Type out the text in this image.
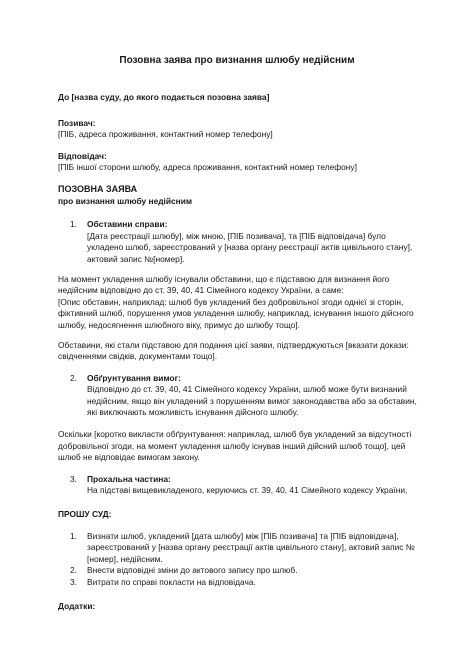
Позовна заява про визнання шлюбу недійсним

До [назва суду, до якого подається позовна заява]

Позивач:

[ПІБ, адреса проживання, контактний номер телефону]

Відповідач:

[ПІБ іншої сторони шлюбу, адреса проживання, контактний номер телефону]

ПОЗОВНА ЗАЯВА

про визнання шлюбу недійсним

1.	Обставини справи:
[Дата реєстрації шлюбу], між мною, [ПІБ позивача], та [ПІБ відповідача] було укладено шлюб, зареєстрований у [назва органу реєстрації актів цивільного стану], актовий запис №[номер].

На момент укладення шлюбу існували обставини, що є підставою для визнання його недійсним відповідно до ст. 39, 40, 41 Сімейного кодексу України, а саме:

[Опис обставин, наприклад: шлюб був укладений без добровільної згоди однієї зі сторін, фіктивний шлюб, порушення умов укладення шлюбу, наприклад, існування іншого дійсного шлюбу, недосягнення шлюбного віку, примус до шлюбу тощо].

Обставини, які стали підставою для подання цієї заяви, підтверджуються [вказати докази: свідченнями свідків, документами тощо].

2.	Обґрунтування вимог:
Відповідно до ст. 39, 40, 41 Сімейного кодексу України, шлюб може бути визнаний недійсним, якщо він укладений з порушенням вимог законодавства або за обставин, які виключають можливість існування дійсного шлюбу.

Оскільки [коротко викласти обґрунтування: наприклад, шлюб був укладений за відсутності добровільної згоди, на момент укладення шлюбу існував інший дійсний шлюб тощо], цей шлюб не відповідає вимогам закону.

3.	Прохальна частина:
На підставі вищевикладеного, керуючись ст. 39, 40, 41 Сімейного кодексу України,

ПРОШУ СУД:

1.	Визнати шлюб, укладений [дата шлюбу] між [ПІБ позивача] та [ПІБ відповідача], зареєстрований у [назва органу реєстрації актів цивільного стану], актовий запис №[номер], недійсним.
2.	Внести відповідні зміни до актового запису про шлюб.
3.	Витрати по справі покласти на відповідача.

Додатки:
